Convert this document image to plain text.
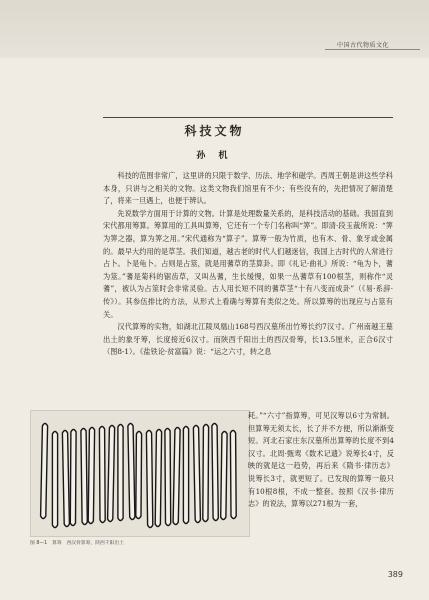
中国古代物质文化
科技文物
孙 机

科技的范围非常广，这里讲的只限于数学、历法、地学和磁学。西周王朝是讲这些学科本身，只讲与之相关的文物。这类文物我们馆里有不少；有些没有的，先把情况了解清楚了，将来一旦遇上，也便于辨认。

先说数学方面用于计算的文物。计算是处理数量关系的，是科技活动的基础。我国直到宋代都用筹算。筹算用的工具叫算筹，它还有一个专门名称叫“筭”。即清·段玉裁所说：“筭为筭之器，算为筭之用。”宋代通称为“算子”。算筹一般为竹质，也有木、骨、象牙或金属的。最早大约用的是草茎。我们知道，越古老的时代人们越迷信，我国上古时代的人常进行占卜。卜是龟卜。占则是占筮，就是用蓍草的茎算卦。即《礼记·曲礼》所说：“龟为卜，蓍为筮。”蓍是菊科的锯齿草，又叫丛蓍，生长缓慢，如果一丛蓍草有100根茎，则称作“灵蓍”，被认为占筮时会非常灵验。古人用长短不同的蓍草茎“十有八变而成卦”（《易·系辞·传》）。其参伍排比的方法，从形式上看确与筹算有类似之处。所以算筹的出现应与占筮有关。

汉代算筹的实物，如湖北江陵凤凰山168号西汉墓所出竹筹长约7汉寸。广州南越王墓出土的象牙筹，长度接近6汉寸。而陕西千阳出土的西汉骨筹，长13.5厘米，正合6汉寸（图8-1）。《盐铁论·贫富篇》说：“运之六寸，转之息

图 8—1　算筹　西汉骨算筹，陕西千阳出土

耗。”“六寸”指算筹，可见汉筹以6寸为常制。但算筹无须太长，长了并不方便，所以渐渐变短。河北石家庄东汉墓所出算筹的长度不到4汉寸。北周·甄鸾《数术记遗》说筹长4寸，反映的就是这一趋势，再后来《隋书·律历志》说筹长3寸，就更短了。已发现的算筹一般只有10根8根，不成一整套。按照《汉书·律历志》的说法，算筹以271根为一套，

389
